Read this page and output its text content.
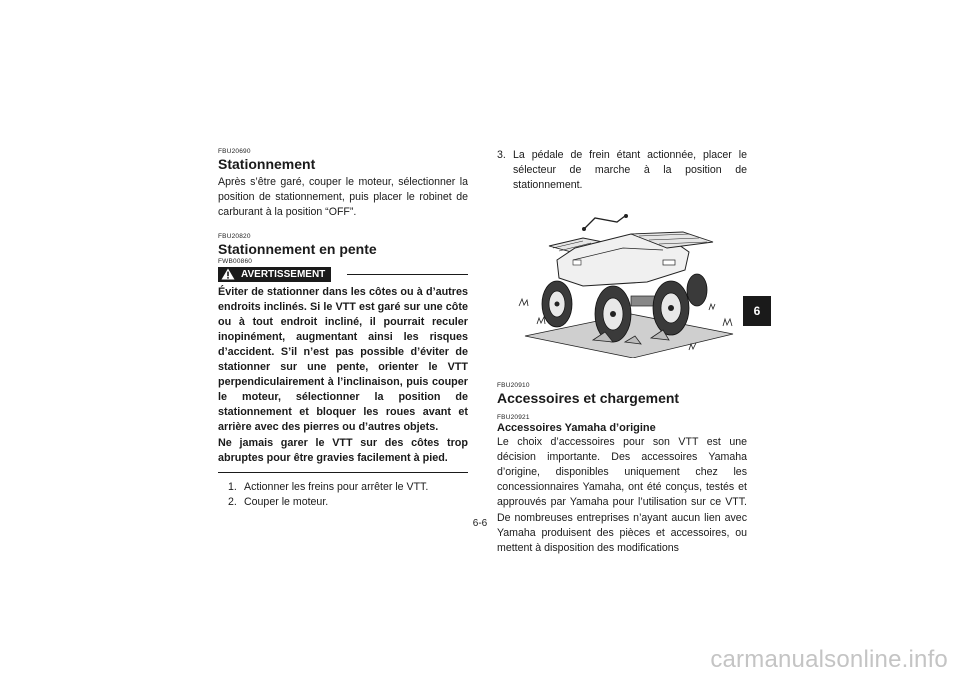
FBU20690
Stationnement

Après s’être garé, couper le moteur, sélectionner la position de stationnement, puis placer le robinet de carburant à la position “OFF”.

FBU20820
Stationnement en pente
FWB00860
AVERTISSEMENT

Éviter de stationner dans les côtes ou à d’autres endroits inclinés. Si le VTT est garé sur une côte ou à tout endroit incliné, il pourrait reculer inopinément, augmentant ainsi les risques d’accident. S’il n’est pas possible d’éviter de stationner sur une pente, orienter le VTT perpendiculairement à l’inclinaison, puis couper le moteur, sélectionner la position de stationnement et bloquer les roues avant et arrière avec des pierres ou d’autres objets.

Ne jamais garer le VTT sur des côtes trop abruptes pour être gravies facilement à pied.

1. Actionner les freins pour arrêter le VTT.
2. Couper le moteur.
3. La pédale de frein étant actionnée, placer le sélecteur de marche à la position de stationnement.
FBU20910
Accessoires et chargement
FBU20921
Accessoires Yamaha d’origine

Le choix d’accessoires pour son VTT est une décision importante. Des accessoires Yamaha d’origine, disponibles uniquement chez les concessionnaires Yamaha, ont été conçus, testés et approuvés par Yamaha pour l’utilisation sur ce VTT. De nombreuses entreprises n’ayant aucun lien avec Yamaha produisent des pièces et accessoires, ou mettent à disposition des modifications

6
6-6
carmanualsonline.info
